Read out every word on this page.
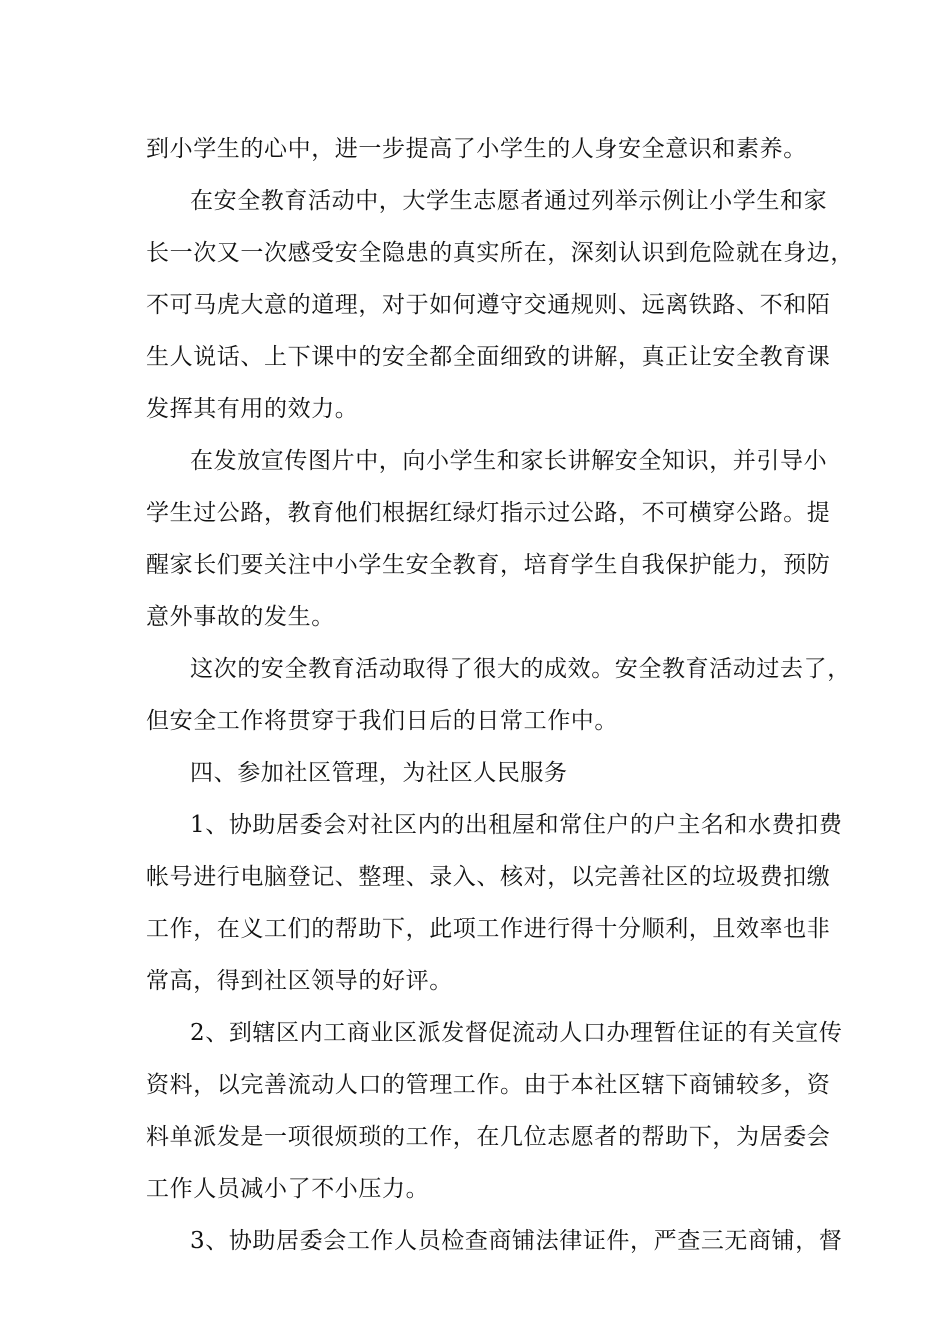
到小学生的心中，进一步提高了小学生的人身安全意识和素养。
在安全教育活动中，大学生志愿者通过列举示例让小学生和家
长一次又一次感受安全隐患的真实所在，深刻认识到危险就在身边，
不可马虎大意的道理，对于如何遵守交通规则、远离铁路、不和陌
生人说话、上下课中的安全都全面细致的讲解，真正让安全教育课
发挥其有用的效力。
在发放宣传图片中，向小学生和家长讲解安全知识，并引导小
学生过公路，教育他们根据红绿灯指示过公路，不可横穿公路。提
醒家长们要关注中小学生安全教育，培育学生自我保护能力，预防
意外事故的发生。
这次的安全教育活动取得了很大的成效。安全教育活动过去了，
但安全工作将贯穿于我们日后的日常工作中。
四、参加社区管理，为社区人民服务
1、协助居委会对社区内的出租屋和常住户的户主名和水费扣费
帐号进行电脑登记、整理、录入、核对，以完善社区的垃圾费扣缴
工作，在义工们的帮助下，此项工作进行得十分顺利，且效率也非
常高，得到社区领导的好评。
2、到辖区内工商业区派发督促流动人口办理暂住证的有关宣传
资料，以完善流动人口的管理工作。由于本社区辖下商铺较多，资
料单派发是一项很烦琐的工作，在几位志愿者的帮助下，为居委会
工作人员减小了不小压力。
3、协助居委会工作人员检查商铺法律证件，严查三无商铺，督
